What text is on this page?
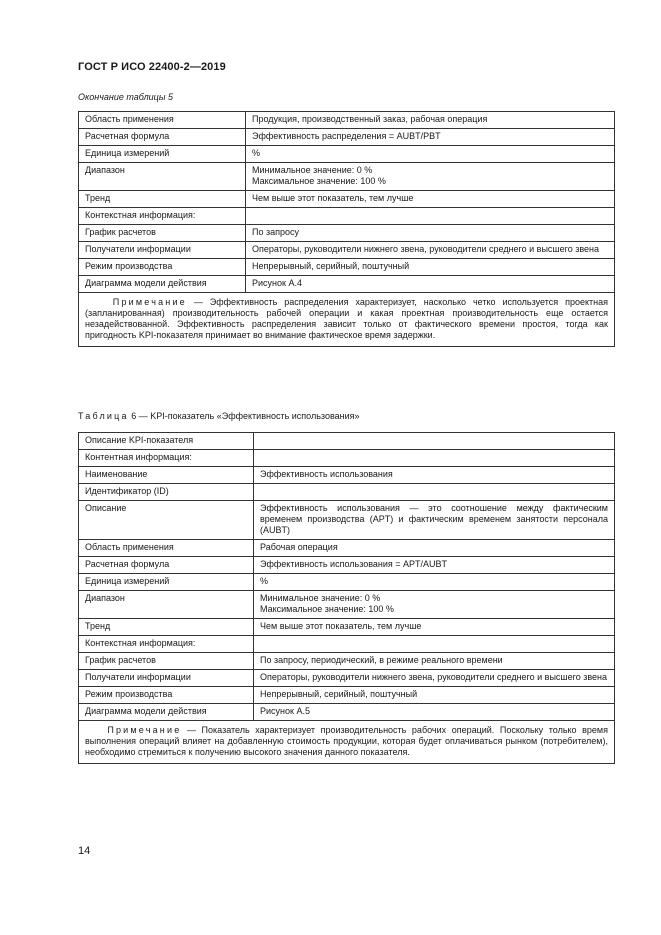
ГОСТ Р ИСО 22400-2—2019
Окончание таблицы 5
Область применения	Продукция, производственный заказ, рабочая операция
Расчетная формула	Эффективность распределения = AUBT/PBT
Единица измерений	%
Диапазон	Минимальное значение: 0 %
Максимальное значение: 100 %

Тренд	Чем выше этот показатель, тем лучше
Контекстная информация:	
График расчетов	По запросу
Получатели информации	Операторы, руководители нижнего звена, руководители среднего и высшего звена
Режим производства	Непрерывный, серийный, поштучный
Диаграмма модели действия	Рисунок A.4
Примечание — Эффективность распределения характеризует, насколько четко используется проектная (запланированная) производительность рабочей операции и какая проектная производительность еще остается незадействованной. Эффективность распределения зависит только от фактического времени простоя, тогда как пригодность KPI-показателя принимает во внимание фактическое время задержки.	
Таблица 6 — KPI-показатель «Эффективность использования»
Описание KPI-показателя	
Контентная информация:	
Наименование	Эффективность использования
Идентификатор (ID)	
Описание	Эффективность использования — это соотношение между фактическим временем производства (APT) и фактическим временем занятости персонала (AUBT)
Область применения	Рабочая операция
Расчетная формула	Эффективность использования = APT/AUBT
Единица измерений	%
Диапазон	Минимальное значение: 0 %
Максимальное значение: 100 %

Тренд	Чем выше этот показатель, тем лучше
Контекстная информация:	
График расчетов	По запросу, периодический, в режиме реального времени
Получатели информации	Операторы, руководители нижнего звена, руководители среднего и высшего звена
Режим производства	Непрерывный, серийный, поштучный
Диаграмма модели действия	Рисунок A.5
Примечание — Показатель характеризует производительность рабочих операций. Поскольку только время выполнения операций влияет на добавленную стоимость продукции, которая будет оплачиваться рынком (потребителем), необходимо стремиться к получению высокого значения данного показателя.	
14
